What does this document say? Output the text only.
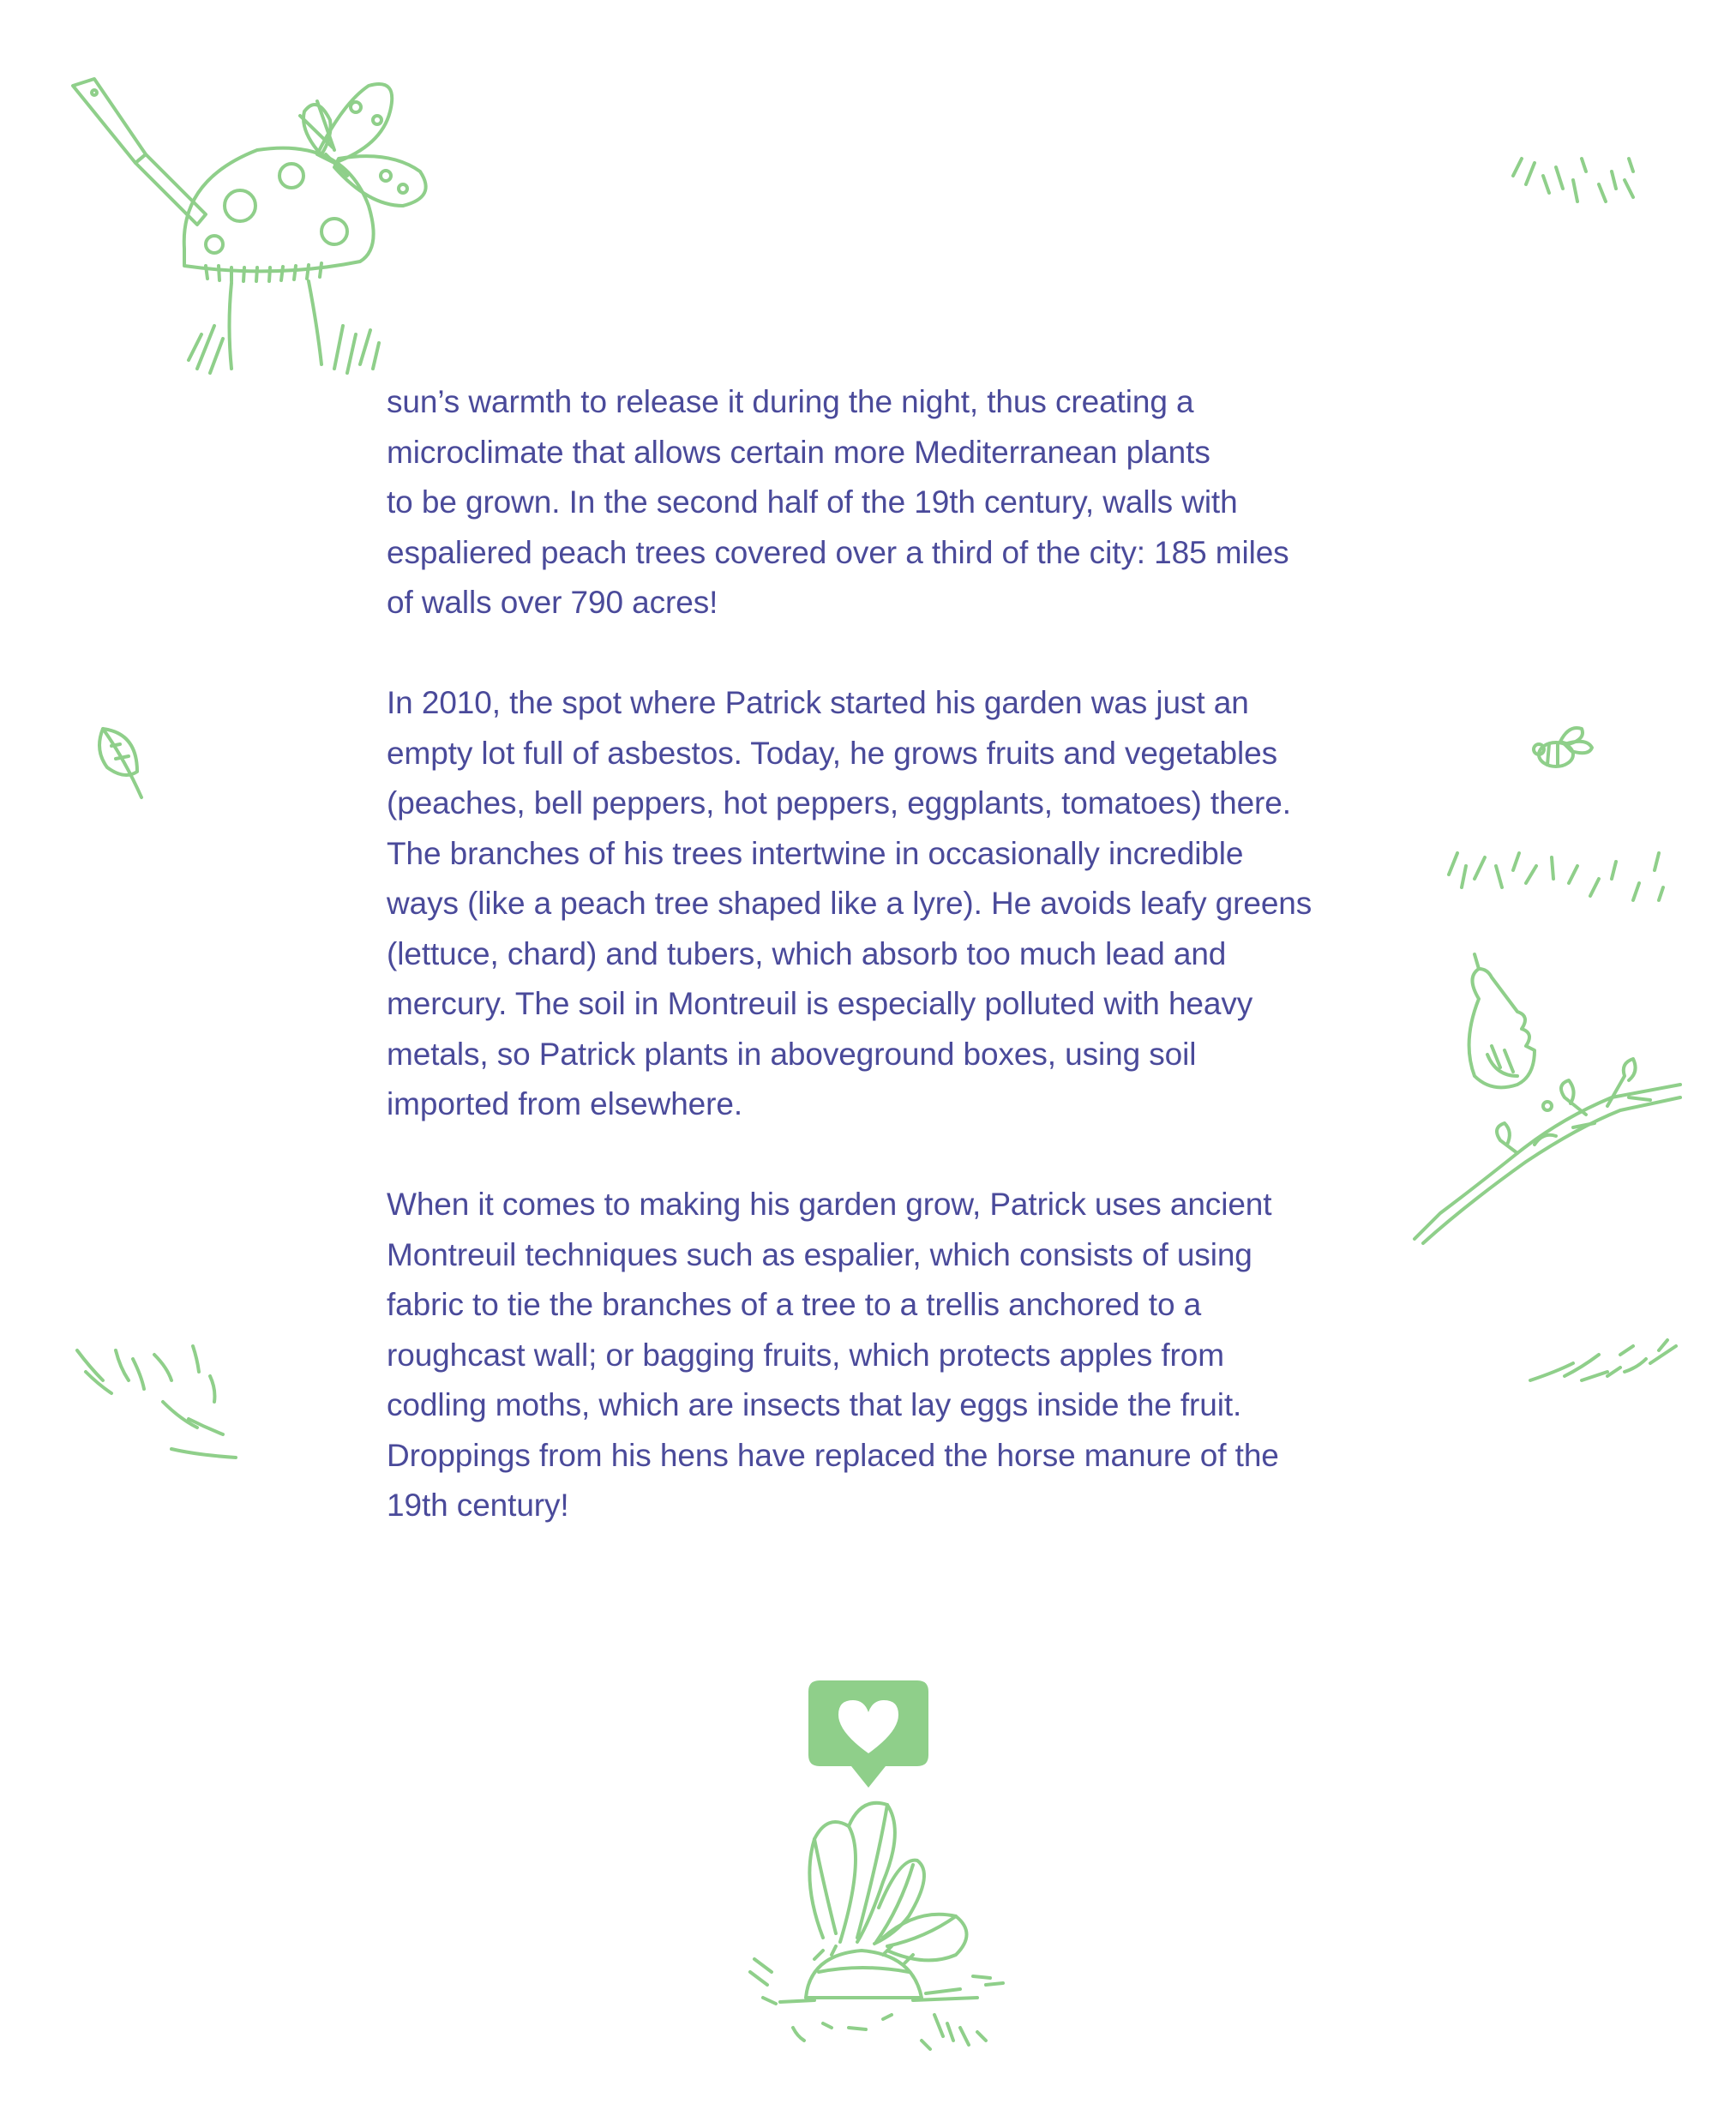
sun’s warmth to release it during the night, thus creating a
microclimate that allows certain more Mediterranean plants
to be grown. In the second half of the 19th century, walls with
espaliered peach trees covered over a third of the city: 185 miles
of walls over 790 acres!

In 2010, the spot where Patrick started his garden was just an
empty lot full of asbestos. Today, he grows fruits and vegetables
(peaches, bell peppers, hot peppers, eggplants, tomatoes) there.
The branches of his trees intertwine in occasionally incredible
ways (like a peach tree shaped like a lyre). He avoids leafy greens
(lettuce, chard) and tubers, which absorb too much lead and
mercury. The soil in Montreuil is especially polluted with heavy
metals, so Patrick plants in aboveground boxes, using soil
imported from elsewhere.

When it comes to making his garden grow, Patrick uses ancient
Montreuil techniques such as espalier, which consists of using
fabric to tie the branches of a tree to a trellis anchored to a
roughcast wall; or bagging fruits, which protects apples from
codling moths, which are insects that lay eggs inside the fruit.
Droppings from his hens have replaced the horse manure of the
19th century!
